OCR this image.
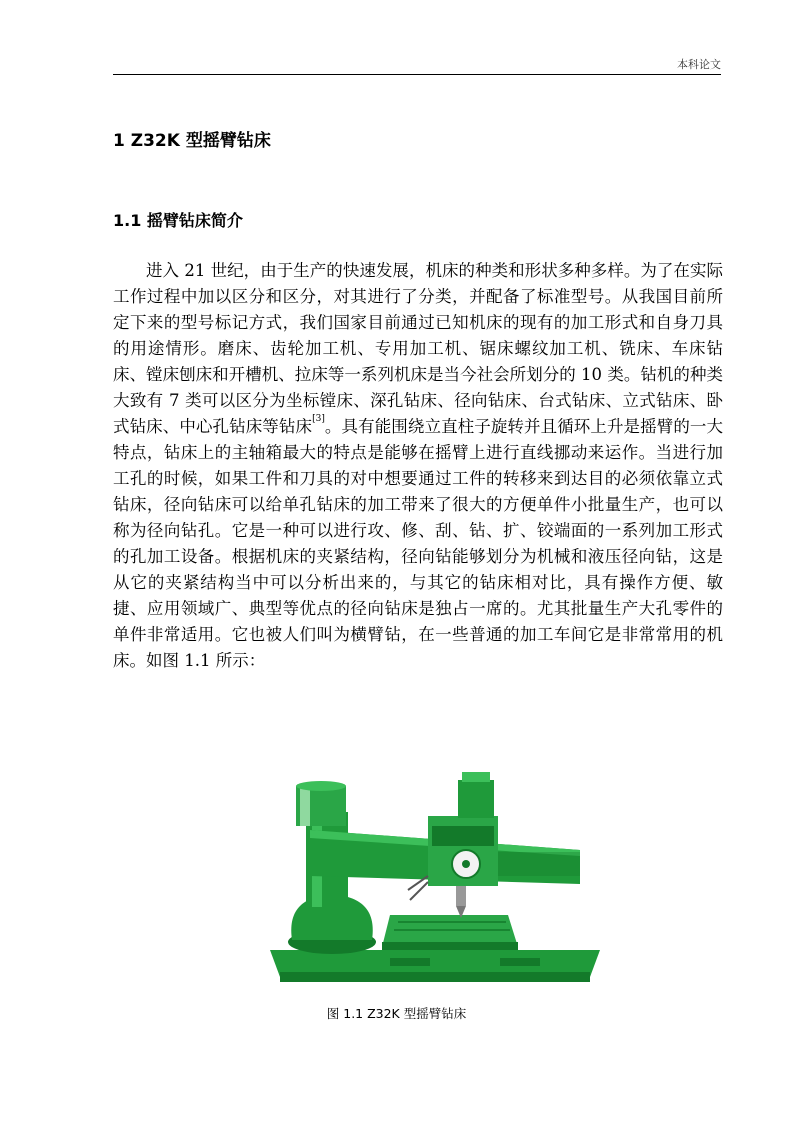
本科论文
1 Z32K 型摇臂钻床
1.1 摇臂钻床简介

进入 21 世纪，由于生产的快速发展，机床的种类和形状多种多样。为了在实际工作过程中加以区分和区分，对其进行了分类，并配备了标准型号。从我国目前所定下来的型号标记方式，我们国家目前通过已知机床的现有的加工形式和自身刀具的用途情形。磨床、齿轮加工机、专用加工机、锯床螺纹加工机、铣床、车床钻床、镗床刨床和开槽机、拉床等一系列机床是当今社会所划分的 10 类。钻机的种类大致有 7 类可以区分为坐标镗床、深孔钻床、径向钻床、台式钻床、立式钻床、卧式钻床、中心孔钻床等钻床[3]。具有能围绕立直柱子旋转并且循环上升是摇臂的一大特点，钻床上的主轴箱最大的特点是能够在摇臂上进行直线挪动来运作。当进行加工孔的时候，如果工件和刀具的对中想要通过工件的转移来到达目的必须依靠立式钻床，径向钻床可以给单孔钻床的加工带来了很大的方便单件小批量生产，也可以称为径向钻孔。它是一种可以进行攻、修、刮、钻、扩、铰端面的一系列加工形式的孔加工设备。根据机床的夹紧结构，径向钻能够划分为机械和液压径向钻，这是从它的夹紧结构当中可以分析出来的，与其它的钻床相对比，具有操作方便、敏捷、应用领域广、典型等优点的径向钻床是独占一席的。尤其批量生产大孔零件的单件非常适用。它也被人们叫为横臂钻，在一些普通的加工车间它是非常常用的机床。如图 1.1 所示：

图 1.1 Z32K 型摇臂钻床
